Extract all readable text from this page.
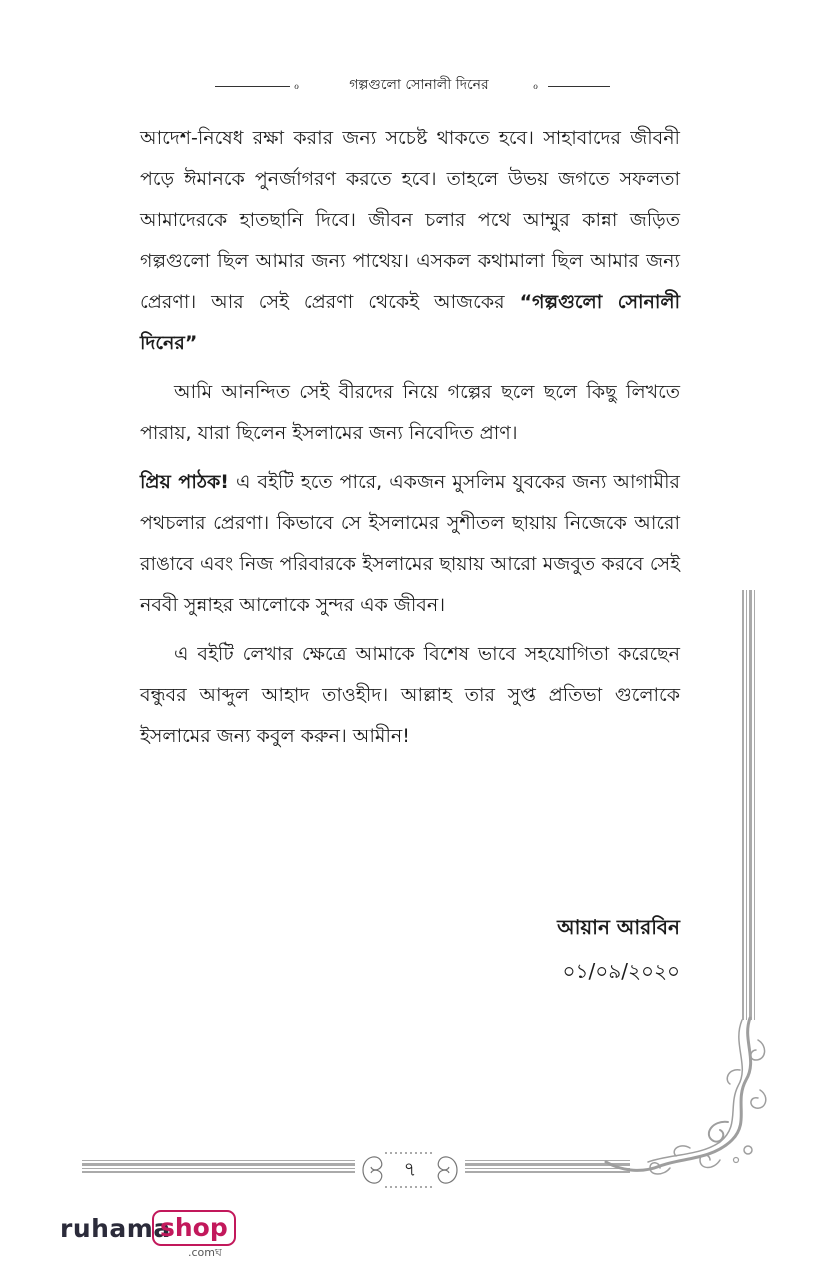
ℴ	গল্পগুলো সোনালী দিনের	ℴ

আদেশ-নিষেধ রক্ষা করার জন্য সচেষ্ট থাকতে হবে। সাহাবাদের জীবনী পড়ে ঈমানকে পুনর্জাগরণ করতে হবে। তাহলে উভয় জগতে সফলতা আমাদেরকে হাতছানি দিবে। জীবন চলার পথে আম্মুর কান্না জড়িত গল্পগুলো ছিল আমার জন্য পাথেয়। এসকল কথামালা ছিল আমার জন্য প্রেরণা। আর সেই প্রেরণা থেকেই আজকের “গল্পগুলো সোনালী দিনের”

আমি আনন্দিত সেই বীরদের নিয়ে গল্পের ছলে ছলে কিছু লিখতে পারায়, যারা ছিলেন ইসলামের জন্য নিবেদিত প্রাণ।

প্রিয় পাঠক! এ বইটি হতে পারে, একজন মুসলিম যুবকের জন্য আগামীর পথচলার প্রেরণা। কিভাবে সে ইসলামের সুশীতল ছায়ায় নিজেকে আরো রাঙাবে এবং নিজ পরিবারকে ইসলামের ছায়ায় আরো মজবুত করবে সেই নববী সুন্নাহর আলোকে সুন্দর এক জীবন।

এ বইটি লেখার ক্ষেত্রে আমাকে বিশেষ ভাবে সহযোগিতা করেছেন বন্ধুবর আব্দুল আহাদ তাওহীদ। আল্লাহ তার সুপ্ত প্রতিভা গুলোকে ইসলামের জন্য কবুল করুন। আমীন!

আয়ান আরবিন
০১/০৯/২০২০
৭
ruhama
shop
.comঘ
